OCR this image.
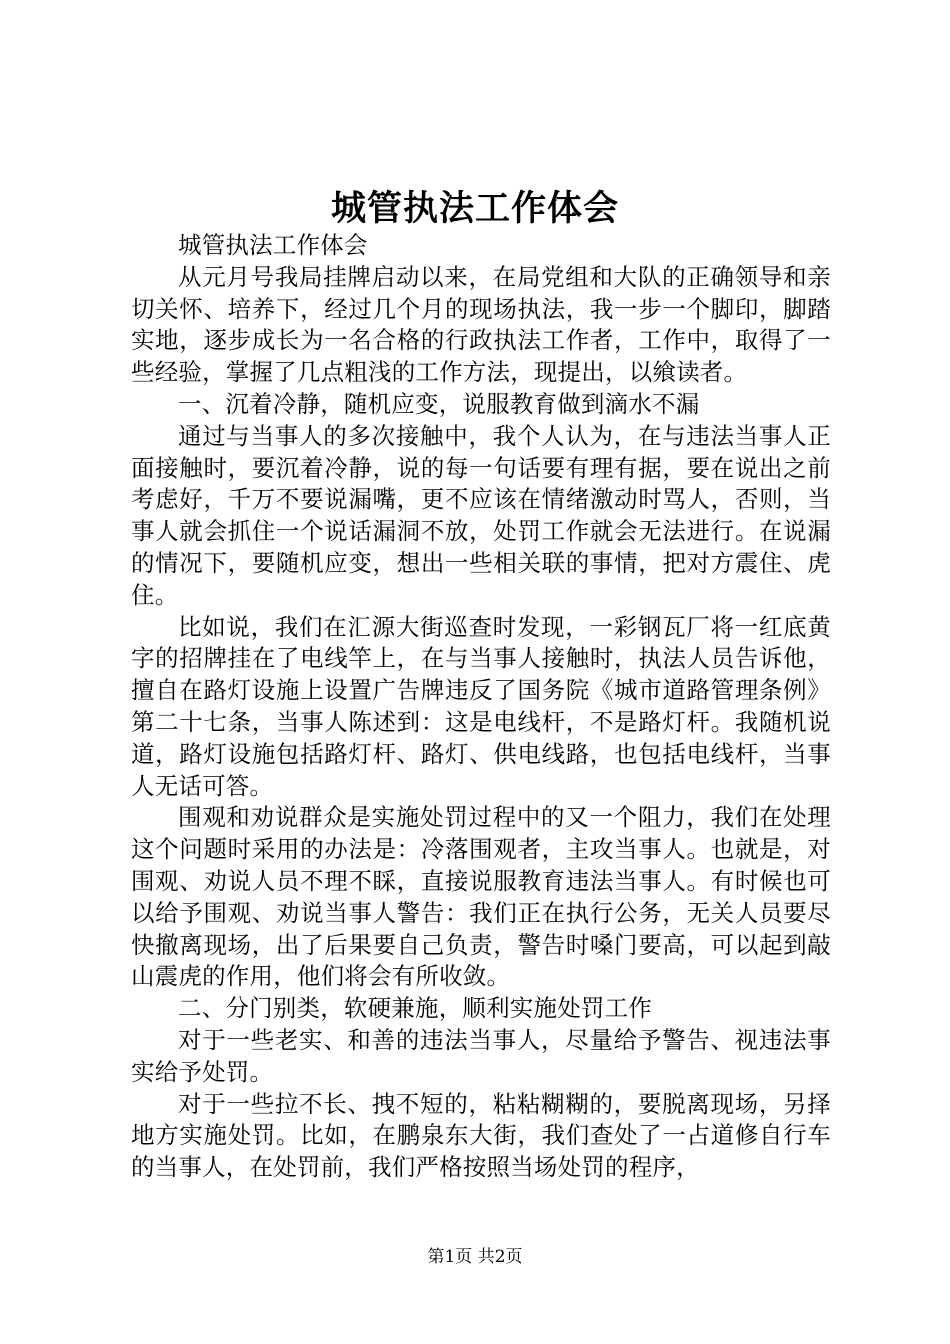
城管执法工作体会

城管执法工作体会

从元月号我局挂牌启动以来，在局党组和大队的正确领导和亲切关怀、培养下，经过几个月的现场执法，我一步一个脚印，脚踏实地，逐步成长为一名合格的行政执法工作者，工作中，取得了一些经验，掌握了几点粗浅的工作方法，现提出，以飨读者。

一、沉着冷静，随机应变，说服教育做到滴水不漏

通过与当事人的多次接触中，我个人认为，在与违法当事人正面接触时，要沉着冷静，说的每一句话要有理有据，要在说出之前考虑好，千万不要说漏嘴，更不应该在情绪激动时骂人，否则，当事人就会抓住一个说话漏洞不放，处罚工作就会无法进行。在说漏的情况下，要随机应变，想出一些相关联的事情，把对方震住、虎住。

比如说，我们在汇源大街巡查时发现，一彩钢瓦厂将一红底黄字的招牌挂在了电线竿上，在与当事人接触时，执法人员告诉他，擅自在路灯设施上设置广告牌违反了国务院《城市道路管理条例》第二十七条，当事人陈述到：这是电线杆，不是路灯杆。我随机说道，路灯设施包括路灯杆、路灯、供电线路，也包括电线杆，当事人无话可答。

围观和劝说群众是实施处罚过程中的又一个阻力，我们在处理这个问题时采用的办法是：冷落围观者，主攻当事人。也就是，对围观、劝说人员不理不睬，直接说服教育违法当事人。有时候也可以给予围观、劝说当事人警告：我们正在执行公务，无关人员要尽快撤离现场，出了后果要自己负责，警告时嗓门要高，可以起到敲山震虎的作用，他们将会有所收敛。

二、分门别类，软硬兼施，顺利实施处罚工作

对于一些老实、和善的违法当事人，尽量给予警告、视违法事实给予处罚。

对于一些拉不长、拽不短的，粘粘糊糊的，要脱离现场，另择地方实施处罚。比如，在鹏泉东大街，我们查处了一占道修自行车的当事人，在处罚前，我们严格按照当场处罚的程序，

第1页 共2页
